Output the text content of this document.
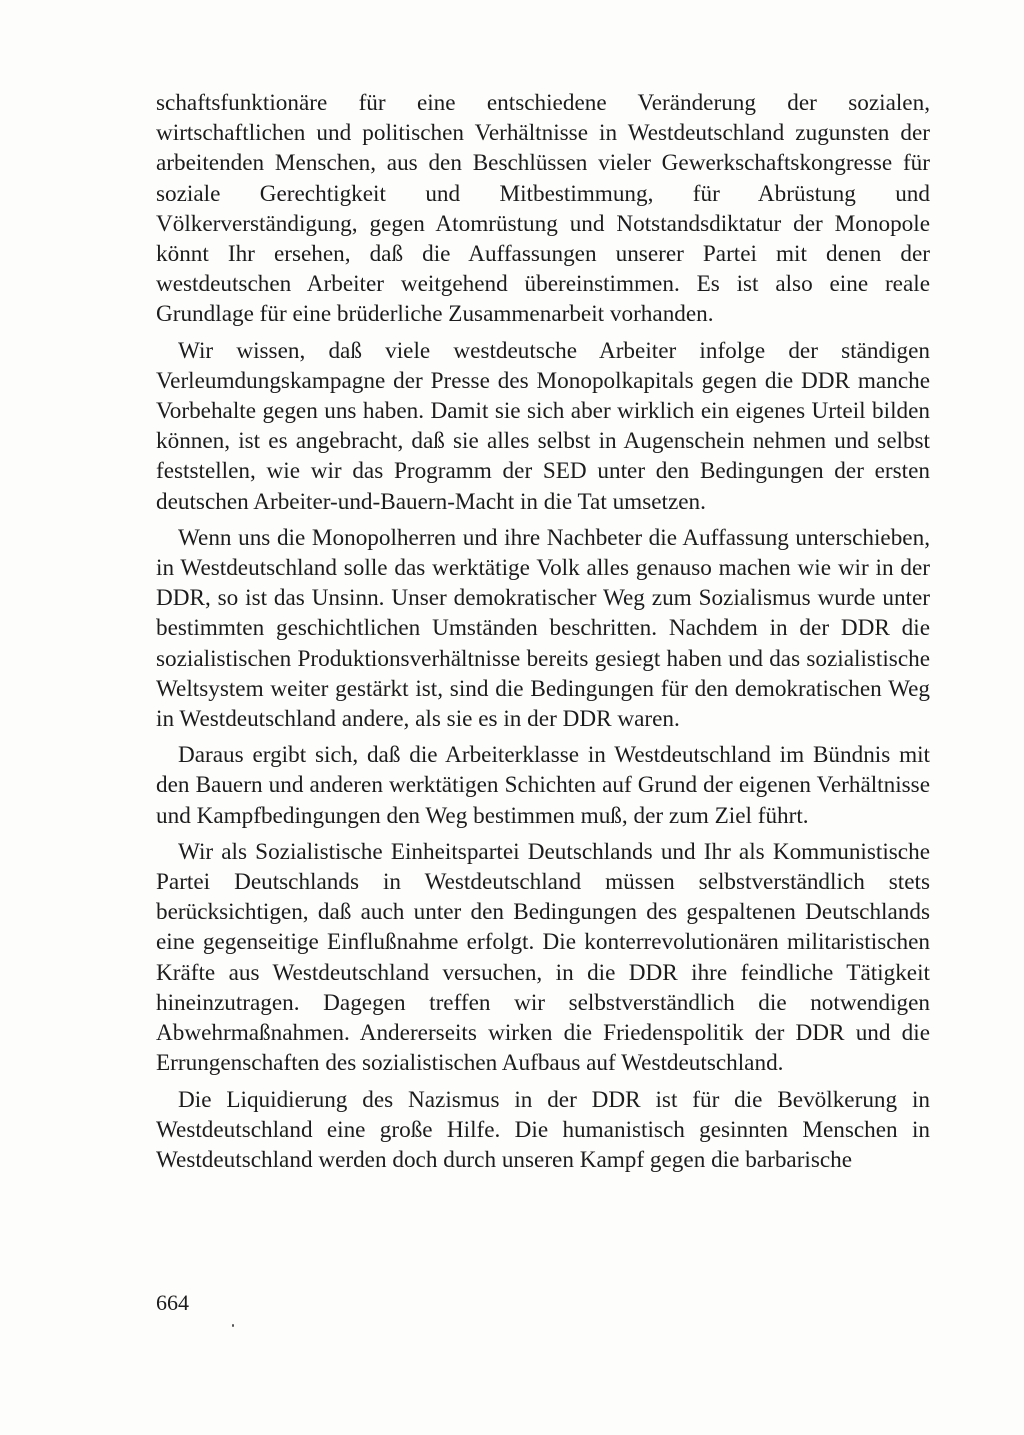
schaftsfunktionäre für eine entschiedene Veränderung der sozialen, wirtschaftlichen und politischen Verhältnisse in Westdeutschland zugunsten der arbeitenden Menschen, aus den Beschlüssen vieler Gewerkschaftskongresse für soziale Gerechtigkeit und Mitbestimmung, für Abrüstung und Völkerverständigung, gegen Atomrüstung und Notstandsdiktatur der Monopole könnt Ihr ersehen, daß die Auffassungen unserer Partei mit denen der westdeutschen Arbeiter weitgehend übereinstimmen. Es ist also eine reale Grundlage für eine brüderliche Zusammenarbeit vorhanden.

Wir wissen, daß viele westdeutsche Arbeiter infolge der ständigen Verleumdungskampagne der Presse des Monopolkapitals gegen die DDR manche Vorbehalte gegen uns haben. Damit sie sich aber wirklich ein eigenes Urteil bilden können, ist es angebracht, daß sie alles selbst in Augenschein nehmen und selbst feststellen, wie wir das Programm der SED unter den Bedingungen der ersten deutschen Arbeiter-und-Bauern-Macht in die Tat umsetzen.

Wenn uns die Monopolherren und ihre Nachbeter die Auffassung unterschieben, in Westdeutschland solle das werktätige Volk alles genauso machen wie wir in der DDR, so ist das Unsinn. Unser demokratischer Weg zum Sozialismus wurde unter bestimmten geschichtlichen Umständen beschritten. Nachdem in der DDR die sozialistischen Produktionsverhältnisse bereits gesiegt haben und das sozialistische Weltsystem weiter gestärkt ist, sind die Bedingungen für den demokratischen Weg in Westdeutschland andere, als sie es in der DDR waren.

Daraus ergibt sich, daß die Arbeiterklasse in Westdeutschland im Bündnis mit den Bauern und anderen werktätigen Schichten auf Grund der eigenen Verhältnisse und Kampfbedingungen den Weg bestimmen muß, der zum Ziel führt.

Wir als Sozialistische Einheitspartei Deutschlands und Ihr als Kommunistische Partei Deutschlands in Westdeutschland müssen selbstverständlich stets berücksichtigen, daß auch unter den Bedingungen des gespaltenen Deutschlands eine gegenseitige Einflußnahme erfolgt. Die konterrevolutionären militaristischen Kräfte aus Westdeutschland versuchen, in die DDR ihre feindliche Tätigkeit hineinzutragen. Dagegen treffen wir selbstverständlich die notwendigen Abwehrmaßnahmen. Andererseits wirken die Friedenspolitik der DDR und die Errungenschaften des sozialistischen Aufbaus auf Westdeutschland.

Die Liquidierung des Nazismus in der DDR ist für die Bevölkerung in Westdeutschland eine große Hilfe. Die humanistisch gesinnten Menschen in Westdeutschland werden doch durch unseren Kampf gegen die barbarische

664
